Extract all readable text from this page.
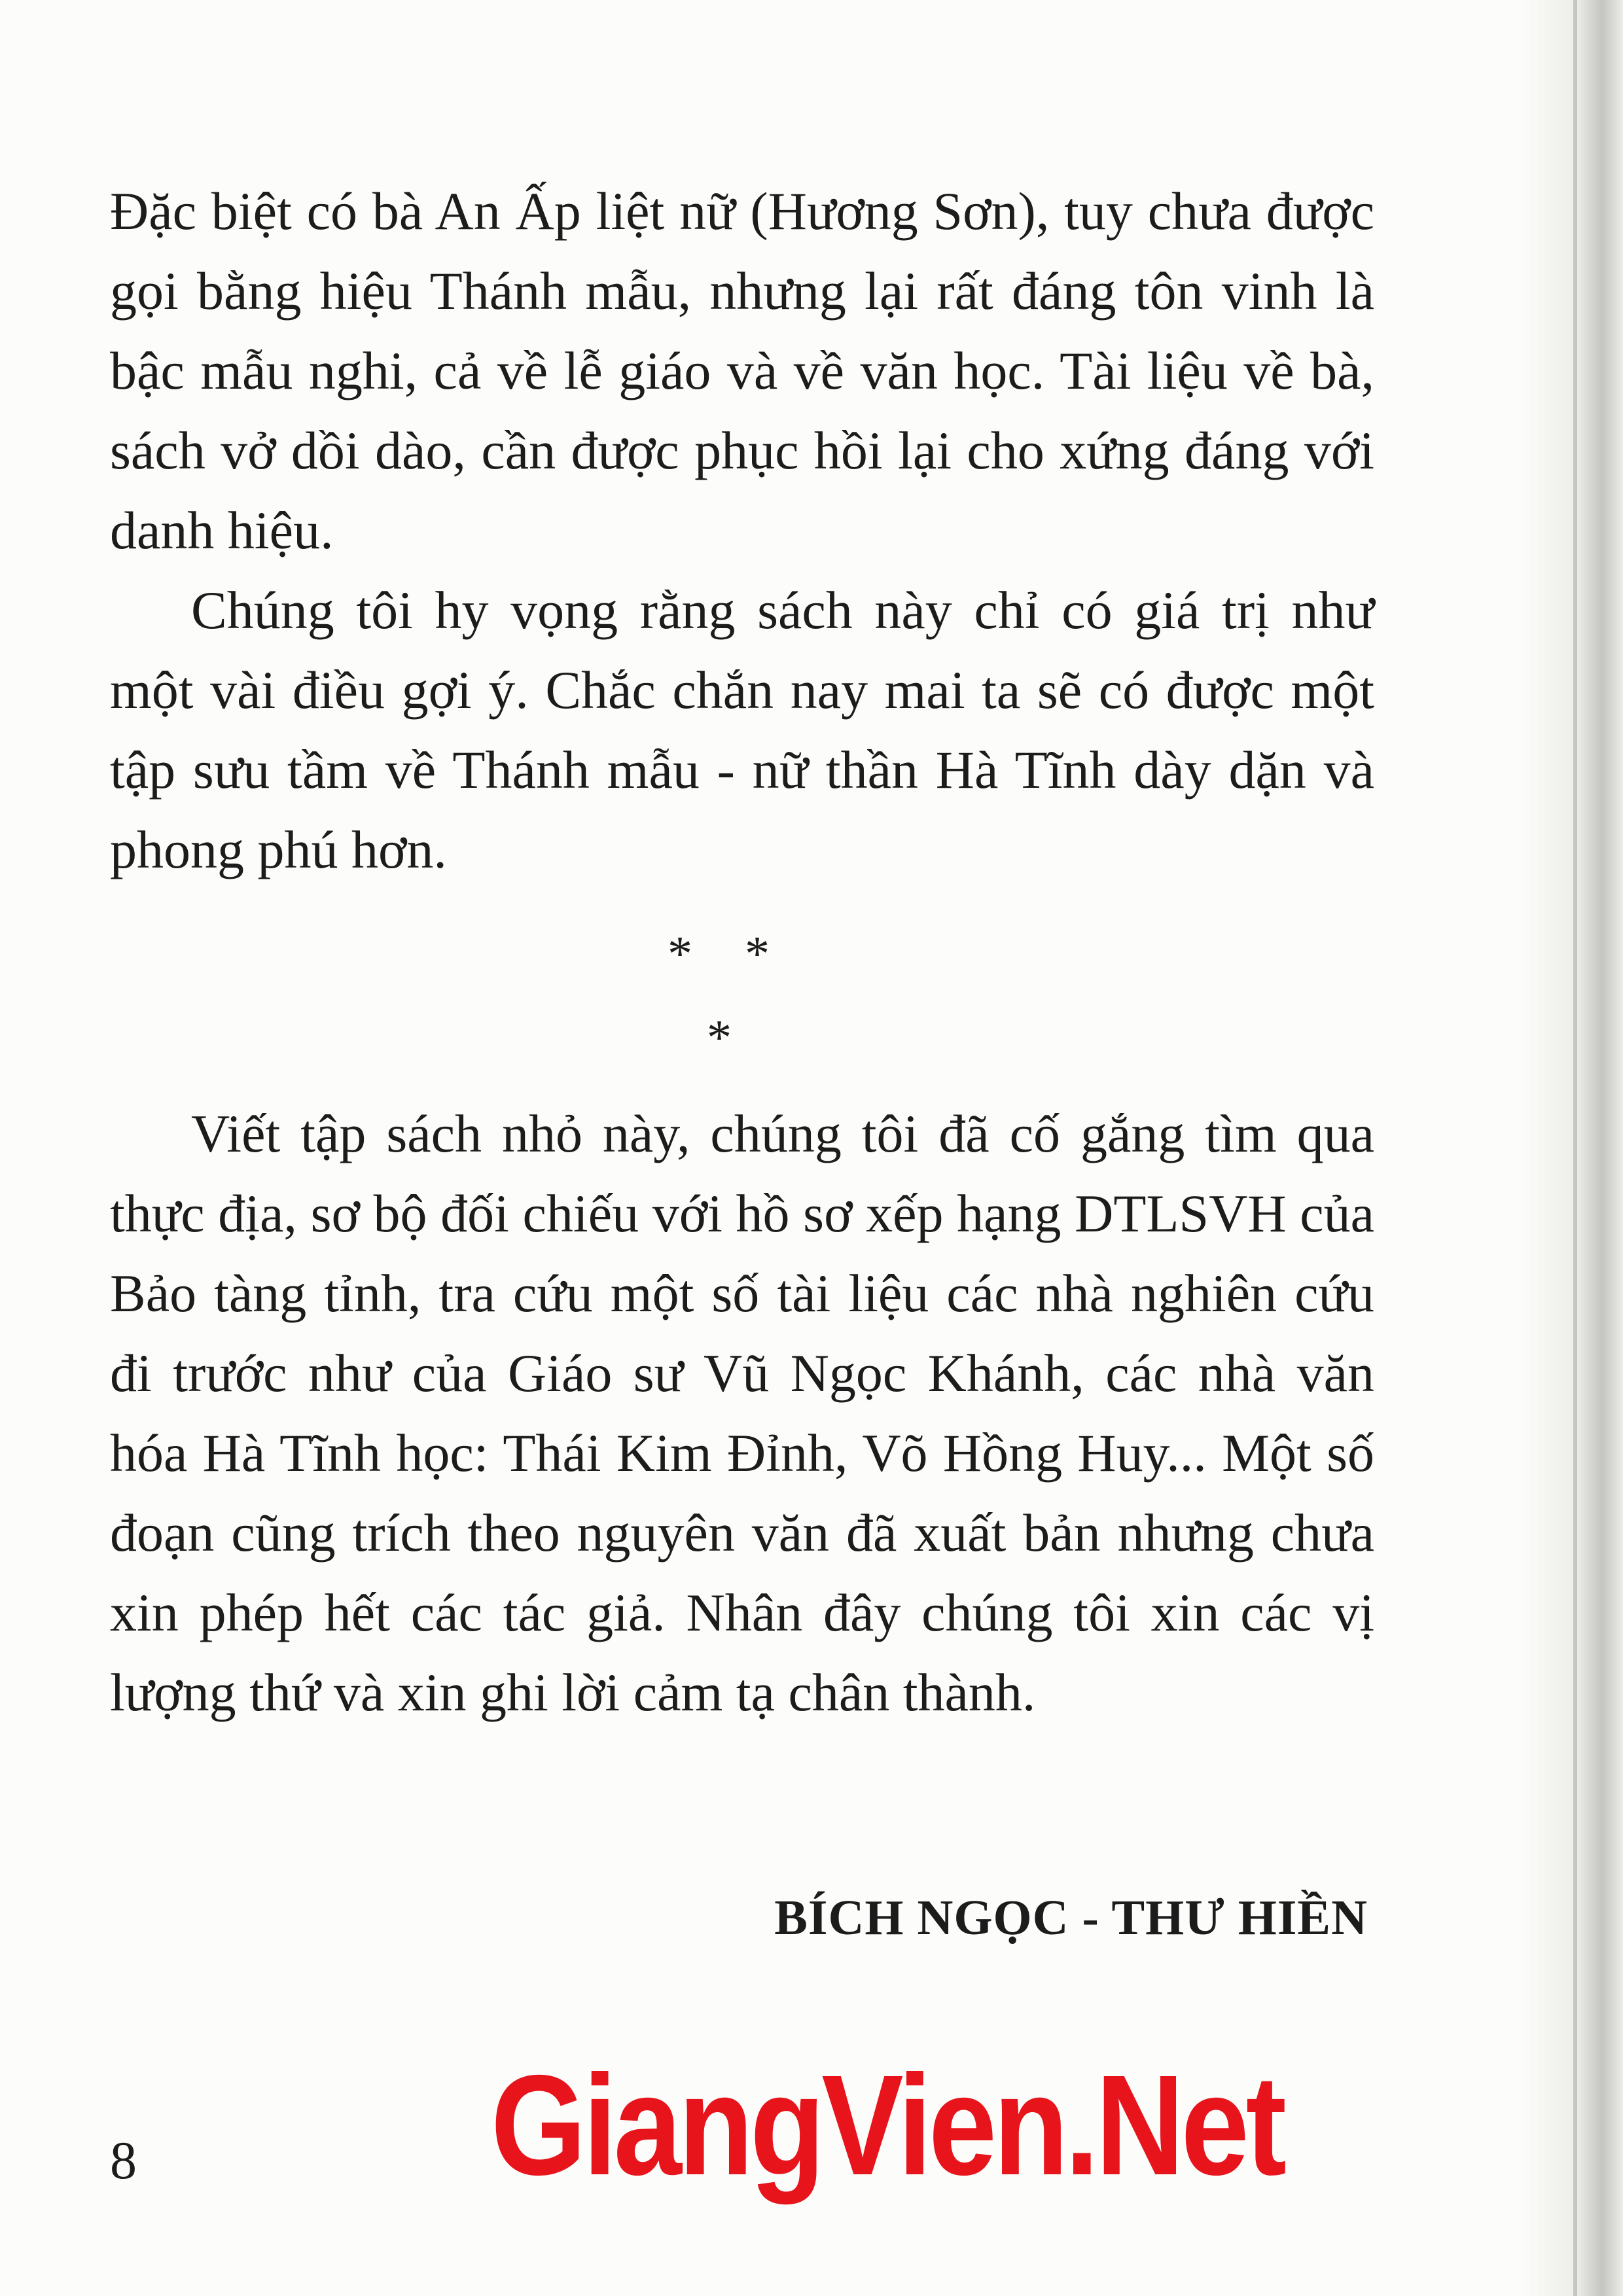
Đặc biệt có bà An Ấp liệt nữ (Hương Sơn), tuy chưa được gọi bằng hiệu Thánh mẫu, nhưng lại rất đáng tôn vinh là bậc mẫu nghi, cả về lễ giáo và về văn học. Tài liệu về bà, sách vở dồi dào, cần được phục hồi lại cho xứng đáng với danh hiệu.

Chúng tôi hy vọng rằng sách này chỉ có giá trị như một vài điều gợi ý. Chắc chắn nay mai ta sẽ có được một tập sưu tầm về Thánh mẫu - nữ thần Hà Tĩnh dày dặn và phong phú hơn.

* *
*

Viết tập sách nhỏ này, chúng tôi đã cố gắng tìm qua thực địa, sơ bộ đối chiếu với hồ sơ xếp hạng DTLSVH của Bảo tàng tỉnh, tra cứu một số tài liệu các nhà nghiên cứu đi trước như của Giáo sư Vũ Ngọc Khánh, các nhà văn hóa Hà Tĩnh học: Thái Kim Đỉnh, Võ Hồng Huy... Một số đoạn cũng trích theo nguyên văn đã xuất bản nhưng chưa xin phép hết các tác giả. Nhân đây chúng tôi xin các vị lượng thứ và xin ghi lời cảm tạ chân thành.

BÍCH NGỌC - THƯ HIỀN
GiangVien.Net
8
